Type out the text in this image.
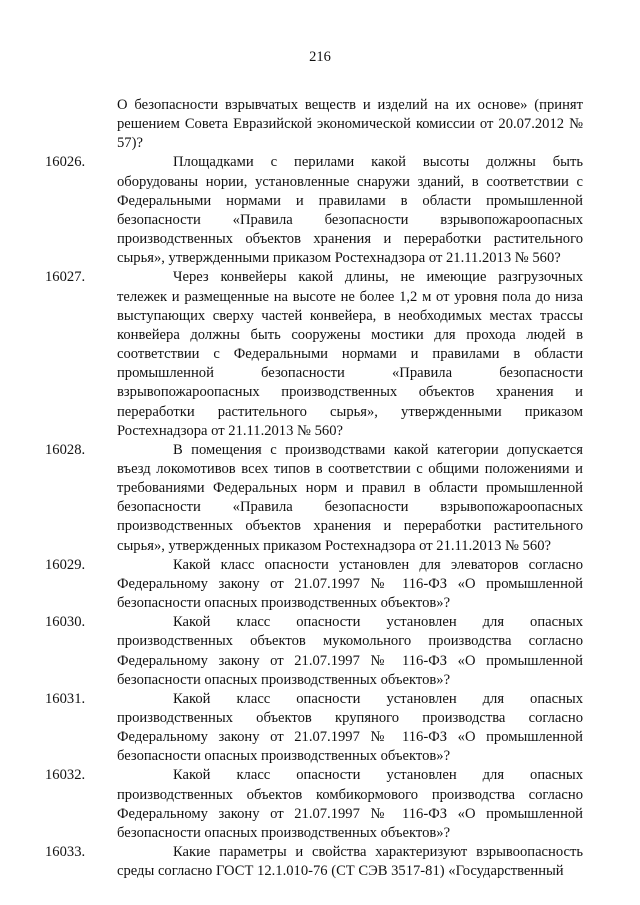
216

О безопасности взрывчатых веществ и изделий на их основе» (принят решением Совета Евразийской экономической комиссии от 20.07.2012 № 57)?

16026.	Площадками с перилами какой высоты должны быть оборудованы нории, установленные снаружи зданий, в соответствии с Федеральными нормами и правилами в области промышленной безопасности «Правила безопасности взрывопожароопасных производственных объектов хранения и переработки растительного сырья», утвержденными приказом Ростехнадзора от 21.11.2013 № 560?

16027.	Через конвейеры какой длины, не имеющие разгрузочных тележек и размещенные на высоте не более 1,2 м от уровня пола до низа выступающих сверху частей конвейера, в необходимых местах трассы конвейера должны быть сооружены мостики для прохода людей в соответствии с Федеральными нормами и правилами в области промышленной безопасности «Правила безопасности взрывопожароопасных производственных объектов хранения и переработки растительного сырья», утвержденными приказом Ростехнадзора от 21.11.2013 № 560?

16028.	В помещения с производствами какой категории допускается въезд локомотивов всех типов в соответствии с общими положениями и требованиями Федеральных норм и правил в области промышленной безопасности «Правила безопасности взрывопожароопасных производственных объектов хранения и переработки растительного сырья», утвержденных приказом Ростехнадзора от 21.11.2013 № 560?

16029.	Какой класс опасности установлен для элеваторов согласно Федеральному закону от 21.07.1997 № 116-ФЗ «О промышленной безопасности опасных производственных объектов»?

16030.	Какой класс опасности установлен для опасных производственных объектов мукомольного производства согласно Федеральному закону от 21.07.1997 № 116-ФЗ «О промышленной безопасности опасных производственных объектов»?

16031.	Какой класс опасности установлен для опасных производственных объектов крупяного производства согласно Федеральному закону от 21.07.1997 № 116-ФЗ «О промышленной безопасности опасных производственных объектов»?

16032.	Какой класс опасности установлен для опасных производственных объектов комбикормового производства согласно Федеральному закону от 21.07.1997 № 116-ФЗ «О промышленной безопасности опасных производственных объектов»?

16033.	Какие параметры и свойства характеризуют взрывоопасность среды согласно ГОСТ 12.1.010-76 (СТ СЭВ 3517-81) «Государственный
